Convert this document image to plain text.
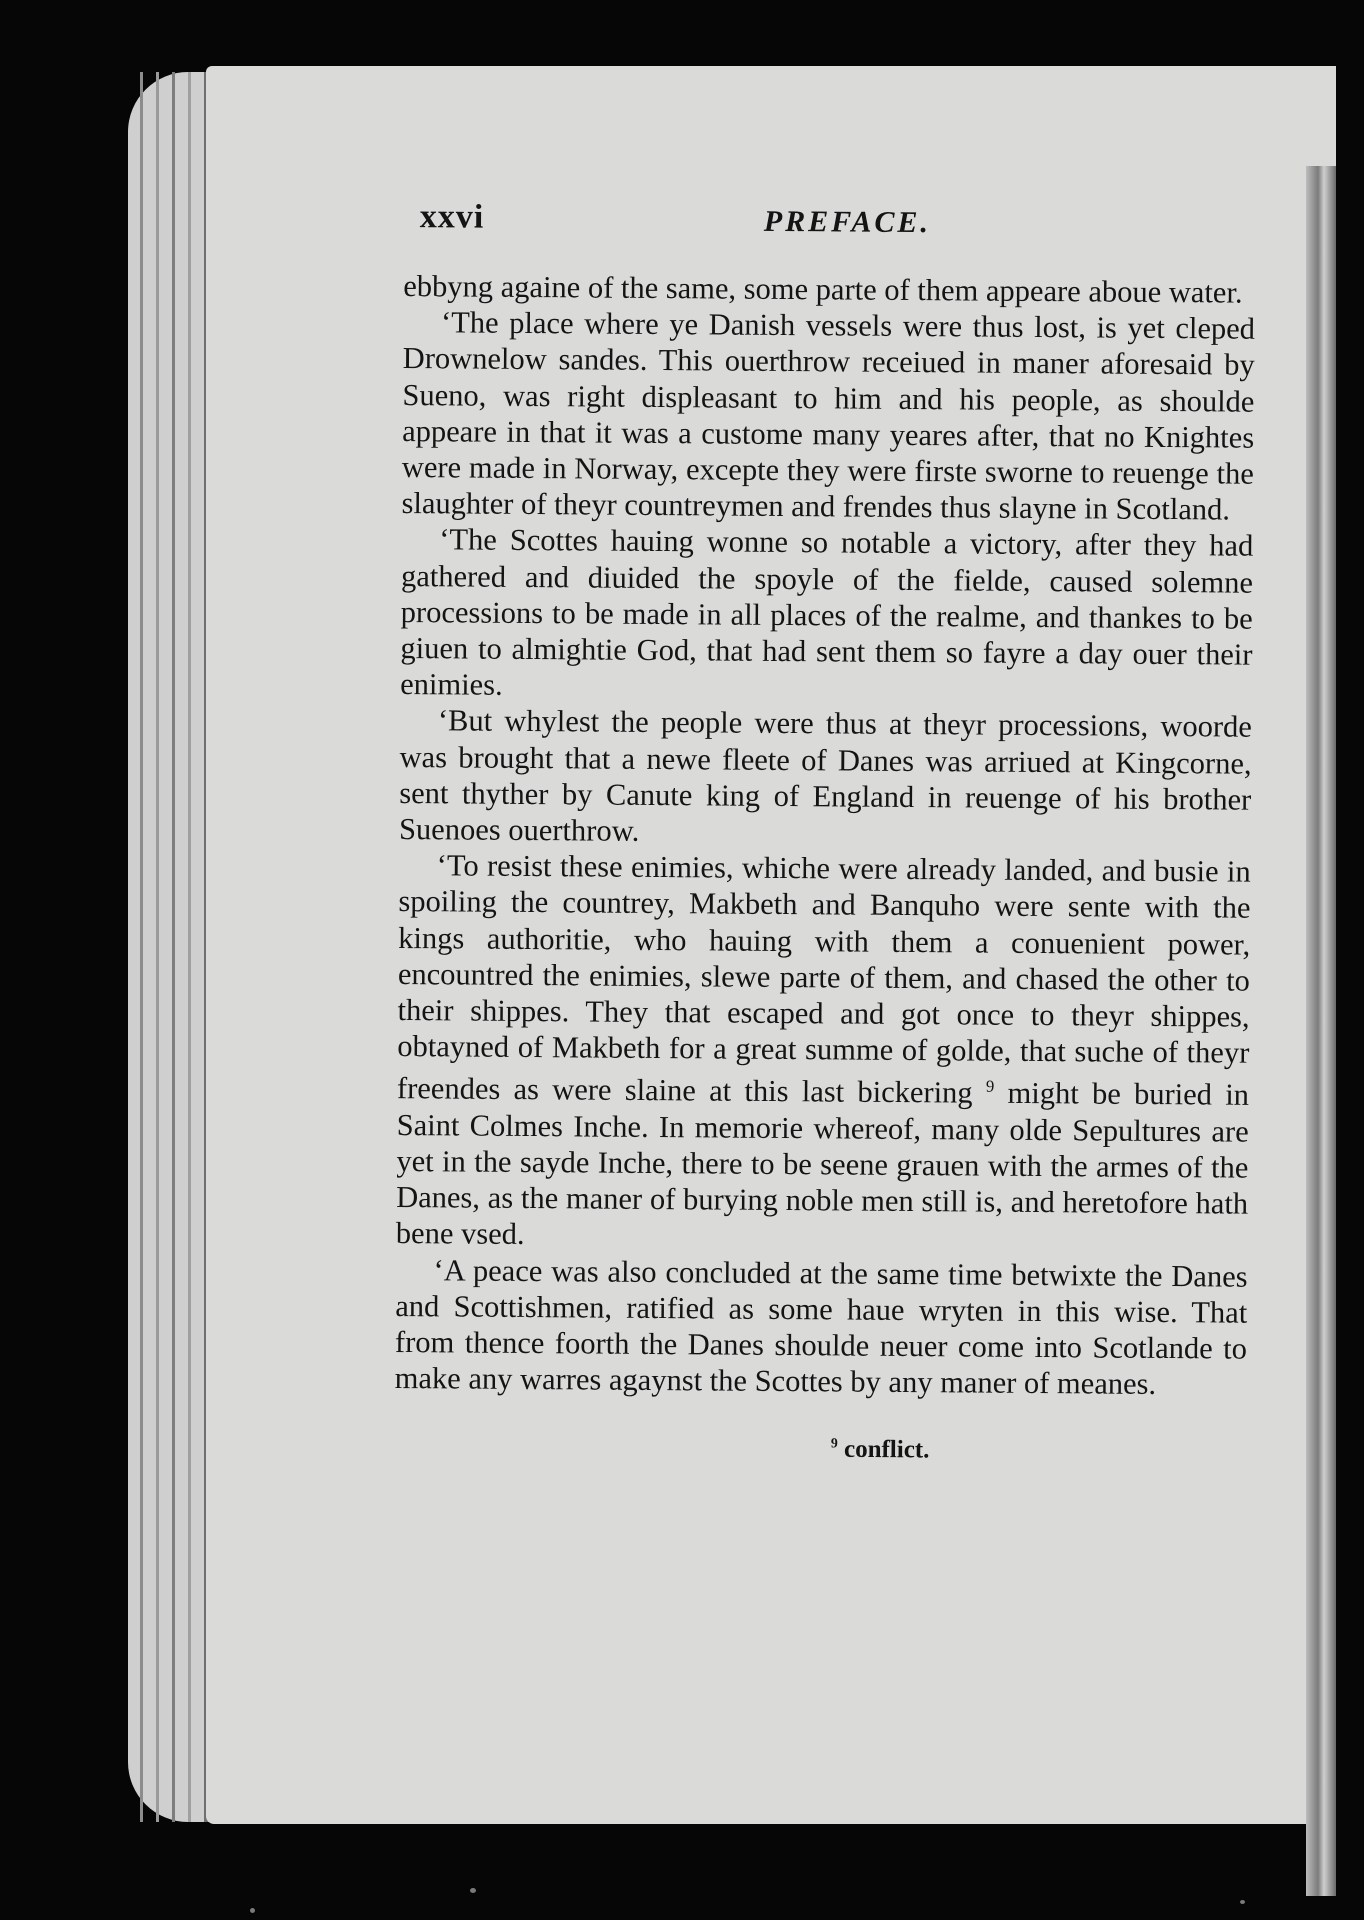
xxvi	PREFACE.

ebbyng againe of the same, some parte of them appeare aboue water.

‘The place where ye Danish vessels were thus lost, is yet cleped Drownelow sandes. This ouerthrow receiued in maner aforesaid by Sueno, was right displeasant to him and his people, as shoulde appeare in that it was a custome many yeares after, that no Knightes were made in Norway, excepte they were firste sworne to reuenge the slaughter of theyr countreymen and frendes thus slayne in Scotland.

‘The Scottes hauing wonne so notable a victory, after they had gathered and diuided the spoyle of the fielde, caused solemne processions to be made in all places of the realme, and thankes to be giuen to almightie God, that had sent them so fayre a day ouer their enimies.

‘But whylest the people were thus at theyr processions, woorde was brought that a newe fleete of Danes was arriued at Kingcorne, sent thyther by Canute king of England in reuenge of his brother Suenoes ouerthrow.

‘To resist these enimies, whiche were already landed, and busie in spoiling the countrey, Makbeth and Banquho were sente with the kings authoritie, who hauing with them a conuenient power, encountred the enimies, slewe parte of them, and chased the other to their shippes. They that escaped and got once to theyr shippes, obtayned of Makbeth for a great summe of golde, that suche of theyr freendes as were slaine at this last bickering $^9$ might be buried in Saint Colmes Inche. In memorie whereof, many olde Sepultures are yet in the sayde Inche, there to be seene grauen with the armes of the Danes, as the maner of burying noble men still is, and heretofore hath bene vsed.

‘A peace was also concluded at the same time betwixte the Danes and Scottishmen, ratified as some haue wryten in this wise. That from thence foorth the Danes shoulde neuer come into Scotlande to make any warres agaynst the Scottes by any maner of meanes.

$^9$ conflict.
